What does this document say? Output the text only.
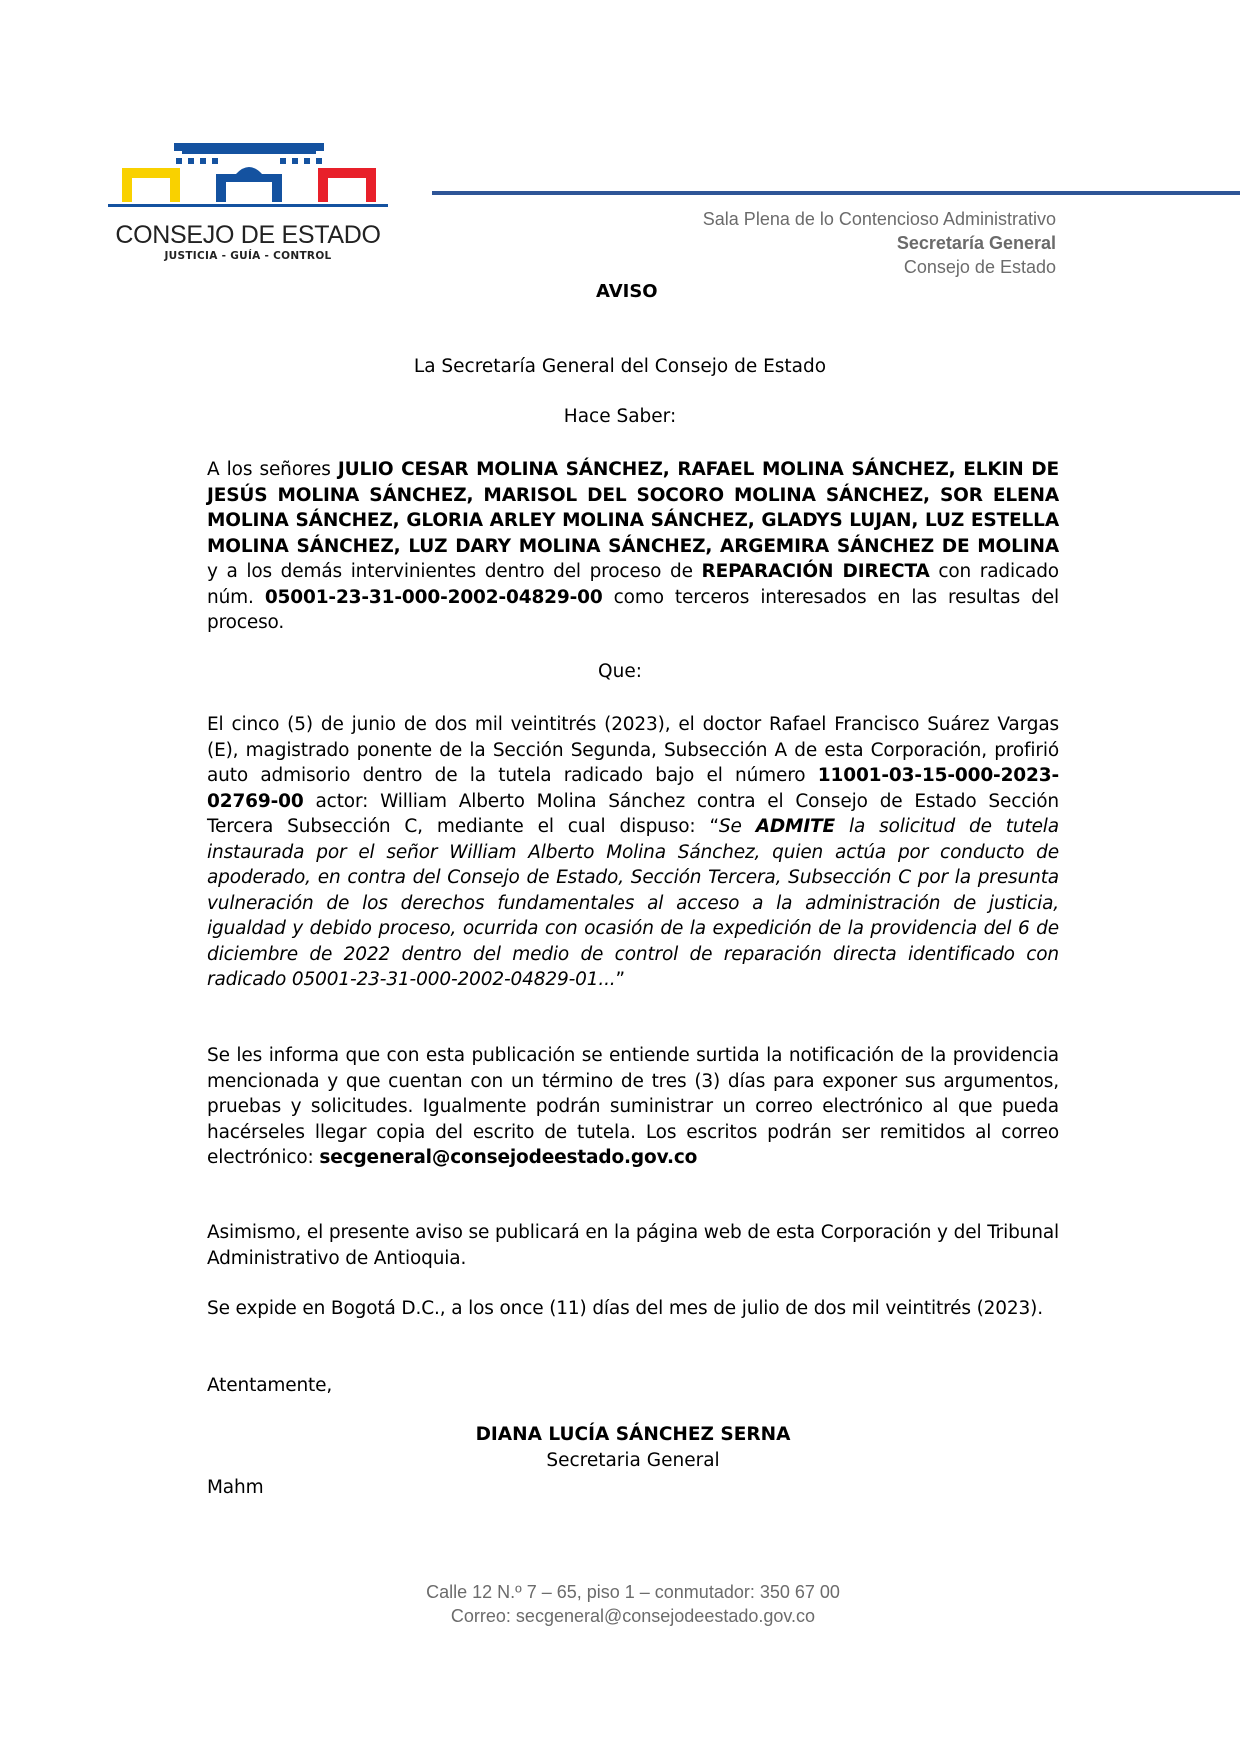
CONSEJO DE ESTADO
JUSTICIA - GUÍA - CONTROL
Sala Plena de lo Contencioso Administrativo
Secretaría General
Consejo de Estado
AVISO
La Secretaría General del Consejo de Estado
Hace Saber:
A los señores JULIO CESAR MOLINA SÁNCHEZ, RAFAEL MOLINA SÁNCHEZ, ELKIN DE JESÚS MOLINA SÁNCHEZ, MARISOL DEL SOCORO MOLINA SÁNCHEZ, SOR ELENA MOLINA SÁNCHEZ, GLORIA ARLEY MOLINA SÁNCHEZ, GLADYS LUJAN, LUZ ESTELLA MOLINA SÁNCHEZ, LUZ DARY MOLINA SÁNCHEZ, ARGEMIRA SÁNCHEZ DE MOLINA y a los demás intervinientes dentro del proceso de REPARACIÓN DIRECTA con radicado núm. 05001-23-31-000-2002-04829-00 como terceros interesados en las resultas del proceso.
Que:
El cinco (5) de junio de dos mil veintitrés (2023), el doctor Rafael Francisco Suárez Vargas (E), magistrado ponente de la Sección Segunda, Subsección A de esta Corporación, profirió auto admisorio dentro de la tutela radicado bajo el número 11001-03-15-000-2023-02769-00 actor: William Alberto Molina Sánchez contra el Consejo de Estado Sección Tercera Subsección C, mediante el cual dispuso: “Se ADMITE la solicitud de tutela instaurada por el señor William Alberto Molina Sánchez, quien actúa por conducto de apoderado, en contra del Consejo de Estado, Sección Tercera, Subsección C por la presunta vulneración de los derechos fundamentales al acceso a la administración de justicia, igualdad y debido proceso, ocurrida con ocasión de la expedición de la providencia del 6 de diciembre de 2022 dentro del medio de control de reparación directa identificado con radicado 05001-23-31-000-2002-04829-01...”
Se les informa que con esta publicación se entiende surtida la notificación de la providencia mencionada y que cuentan con un término de tres (3) días para exponer sus argumentos, pruebas y solicitudes. Igualmente podrán suministrar un correo electrónico al que pueda hacérseles llegar copia del escrito de tutela. Los escritos podrán ser remitidos al correo electrónico: secgeneral@consejodeestado.gov.co
Asimismo, el presente aviso se publicará en la página web de esta Corporación y del Tribunal Administrativo de Antioquia.
Se expide en Bogotá D.C., a los once (11) días del mes de julio de dos mil veintitrés (2023).
Atentamente,
DIANA LUCÍA SÁNCHEZ SERNA
Secretaria General
Mahm
Calle 12 N.º 7 – 65, piso 1 – conmutador: 350 67 00
Correo: secgeneral@consejodeestado.gov.co
